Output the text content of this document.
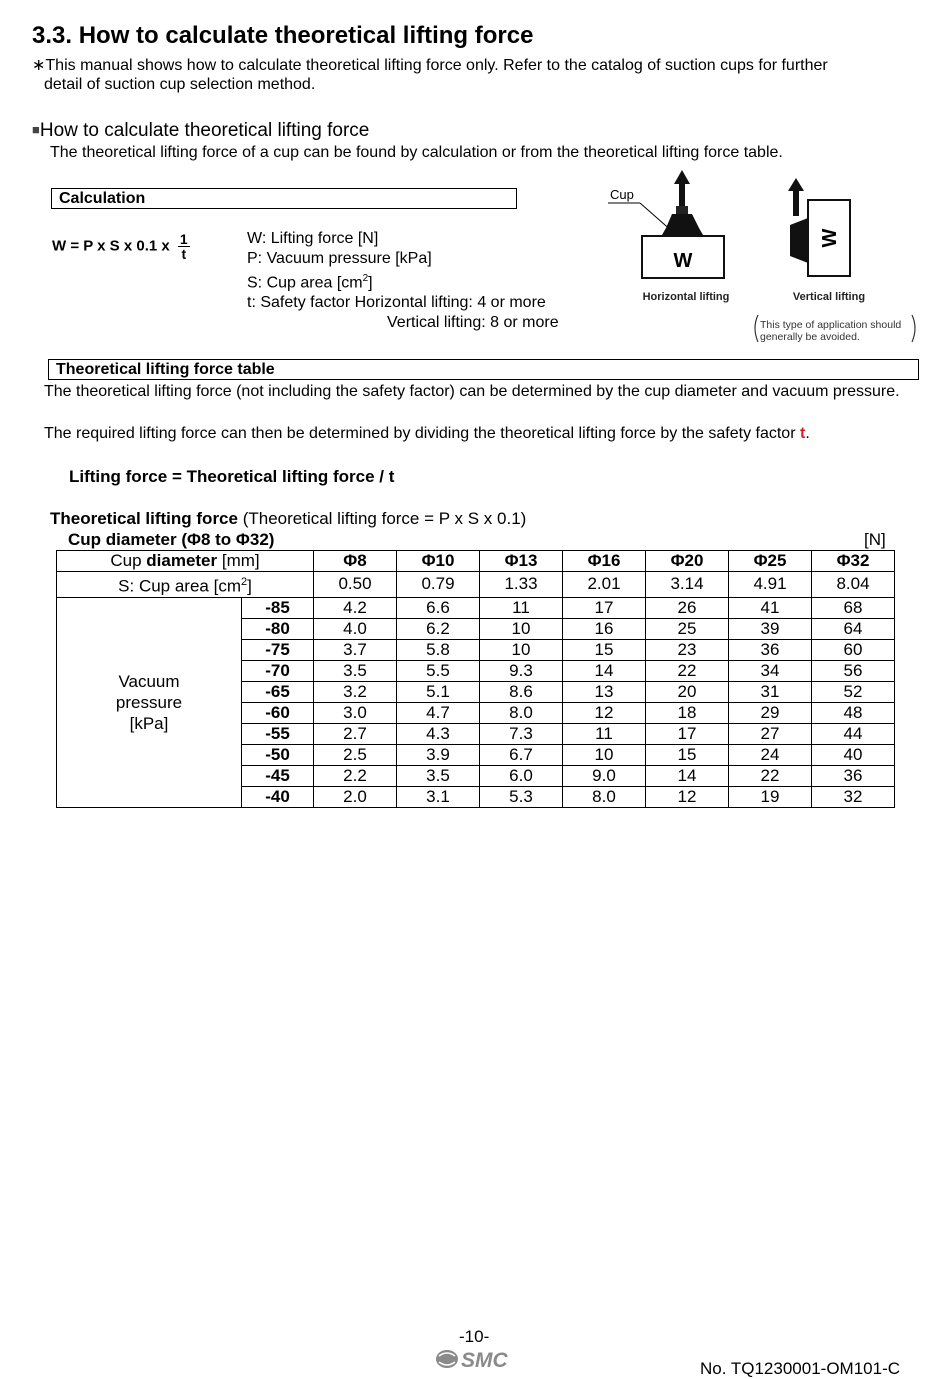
3.3. How to calculate theoretical lifting force
∗This manual shows how to calculate theoretical lifting force only. Refer to the catalog of suction cups for further
detail of suction cup selection method.
■How to calculate theoretical lifting force
The theoretical lifting force of a cup can be found by calculation or from the theoretical lifting force table.
Calculation
W = P x S x 0.1 x $\frac{1}{t}$	W: Lifting force [N]
P: Vacuum pressure [kPa]
S: Cup area $[cm^2]$
t: Safety factor Horizontal lifting: 4 or more
Vertical lifting: 8 or more
Cup
W
Horizontal lifting
W
Vertical lifting
This type of application should
generally be avoided.
Theoretical lifting force table
The theoretical lifting force (not including the safety factor) can be determined by the cup diameter and vacuum pressure.
The required lifting force can then be determined by dividing the theoretical lifting force by the safety factor t.
Lifting force = Theoretical lifting force / t
Theoretical lifting force (Theoretical lifting force = P x S x 0.1)
Cup diameter (Φ8 to Φ32)	[N]
Cup diameter [mm]		Φ8	Φ10	Φ13	Φ16	Φ20	Φ25	Φ32
S: Cup area $[cm^2]$		0.50	0.79	1.33	2.01	3.14	4.91	8.04

Vacuum
pressure
[kPa]	-85	4.2	6.6	11	17	26	41	68
	-80	4.0	6.2	10	16	25	39	64
	-75	3.7	5.8	10	15	23	36	60
	-70	3.5	5.5	9.3	14	22	34	56
	-65	3.2	5.1	8.6	13	20	31	52
	-60	3.0	4.7	8.0	12	18	29	48
	-55	2.7	4.3	7.3	11	17	27	44
	-50	2.5	3.9	6.7	10	15	24	40
	-45	2.2	3.5	6.0	9.0	14	22	36
	-40	2.0	3.1	5.3	8.0	12	19	32
-10-
SMC	No. TQ1230001-OM101-C
